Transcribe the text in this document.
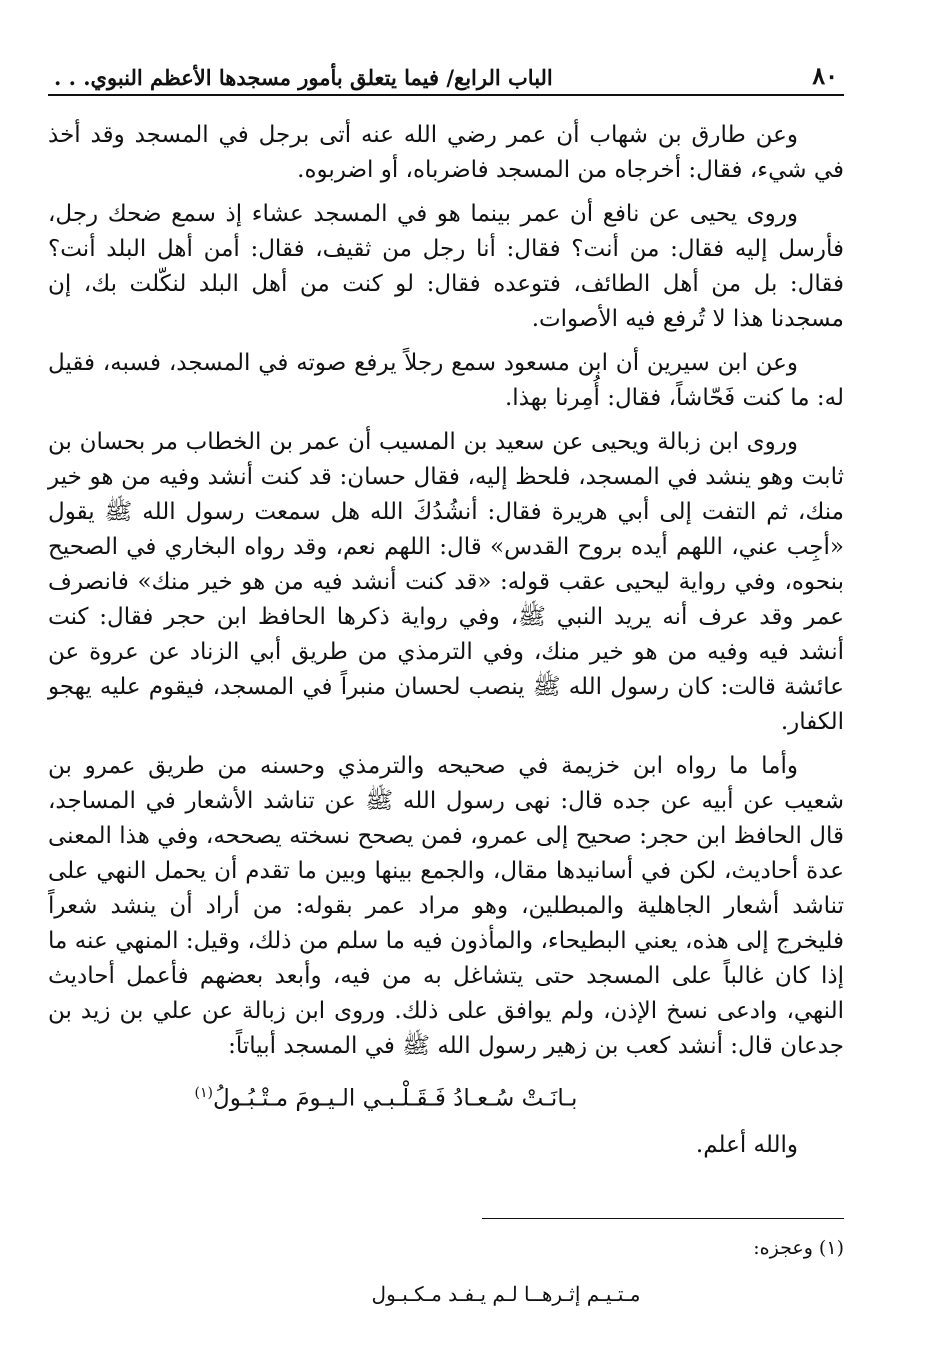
٨٠
الباب الرابع/ فيما يتعلق بأمور مسجدها الأعظم النبوي. . .

وعن طارق بن شهاب أن عمر رضي الله عنه أتى برجل في المسجد وقد أخذ في شيء، فقال: أخرجاه من المسجد فاضرباه، أو اضربوه.

وروى يحيى عن نافع أن عمر بينما هو في المسجد عشاء إذ سمع ضحك رجل، فأرسل إليه فقال: من أنت؟ فقال: أنا رجل من ثقيف، فقال: أمن أهل البلد أنت؟ فقال: بل من أهل الطائف، فتوعده فقال: لو كنت من أهل البلد لنكّلت بك، إن مسجدنا هذا لا تُرفع فيه الأصوات.

وعن ابن سيرين أن ابن مسعود سمع رجلاً يرفع صوته في المسجد، فسبه، فقيل له: ما كنت فَحّاشاً، فقال: أُمِرنا بهذا.

وروى ابن زبالة ويحيى عن سعيد بن المسيب أن عمر بن الخطاب مر بحسان بن ثابت وهو ينشد في المسجد، فلحظ إليه، فقال حسان: قد كنت أنشد وفيه من هو خير منك، ثم التفت إلى أبي هريرة فقال: أنشُدُكَ الله هل سمعت رسول الله ﷺ يقول «أجِب عني، اللهم أيده بروح القدس» قال: اللهم نعم، وقد رواه البخاري في الصحيح بنحوه، وفي رواية ليحيى عقب قوله: «قد كنت أنشد فيه من هو خير منك» فانصرف عمر وقد عرف أنه يريد النبي ﷺ، وفي رواية ذكرها الحافظ ابن حجر فقال: كنت أنشد فيه وفيه من هو خير منك، وفي الترمذي من طريق أبي الزناد عن عروة عن عائشة قالت: كان رسول الله ﷺ ينصب لحسان منبراً في المسجد، فيقوم عليه يهجو الكفار.

وأما ما رواه ابن خزيمة في صحيحه والترمذي وحسنه من طريق عمرو بن شعيب عن أبيه عن جده قال: نهى رسول الله ﷺ عن تناشد الأشعار في المساجد، قال الحافظ ابن حجر: صحيح إلى عمرو، فمن يصحح نسخته يصححه، وفي هذا المعنى عدة أحاديث، لكن في أسانيدها مقال، والجمع بينها وبين ما تقدم أن يحمل النهي على تناشد أشعار الجاهلية والمبطلين، وهو مراد عمر بقوله: من أراد أن ينشد شعراً فليخرج إلى هذه، يعني البطيحاء، والمأذون فيه ما سلم من ذلك، وقيل: المنهي عنه ما إذا كان غالباً على المسجد حتى يتشاغل به من فيه، وأبعد بعضهم فأعمل أحاديث النهي، وادعى نسخ الإذن، ولم يوافق على ذلك. وروى ابن زبالة عن علي بن زيد بن جدعان قال: أنشد كعب بن زهير رسول الله ﷺ في المسجد أبياتاً:

بـانَـتْ سُـعـادُ فَـقَـلْـبـي الـيـومَ مـتْـبُـولُ$^{(١)}$

والله أعلم.

(١) وعجزه:

مـتـيـم إثـرهــا لـم يـفـد مـكـبـول
